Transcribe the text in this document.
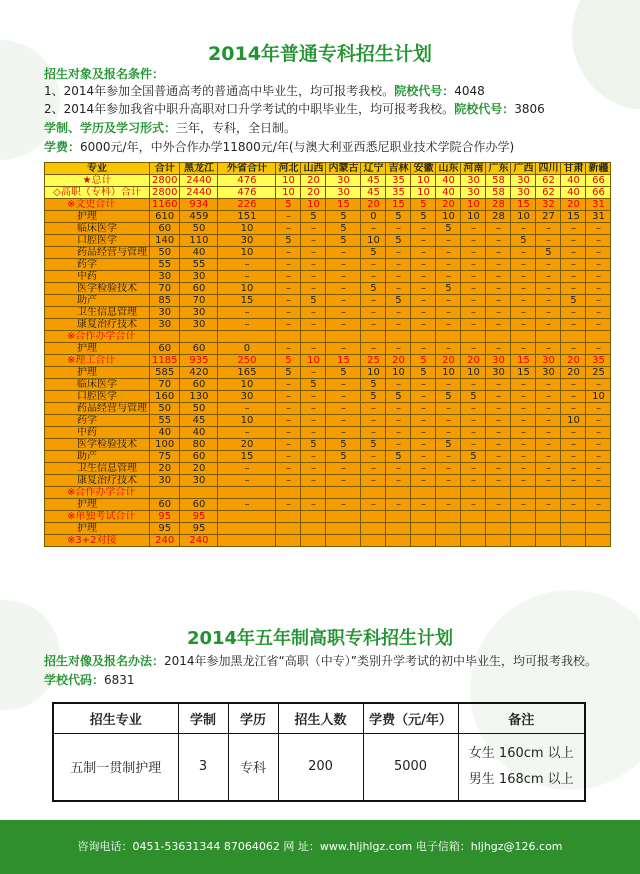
2014年普通专科招生计划
招生对象及报名条件：
1、2014年参加全国普通高考的普通高中毕业生，均可报考我校。院校代号：4048
2、2014年参加我省中职升高职对口升学考试的中职毕业生，均可报考我校。院校代号：3806
学制、学历及学习形式：三年，专科，全日制。
学费：6000元/年，中外合作办学11800元/年(与澳大利亚西悉尼职业技术学院合作办学)
专业	合计	黑龙江	外省合计	河北	山西	内蒙古	辽宁	吉林	安徽	山东	河南	广东	广西	四川	甘肃	新疆
★总计	2800	2440	476	10	20	30	45	35	10	40	30	58	30	62	40	66
◇高职（专科）合计	2800	2440	476	10	20	30	45	35	10	40	30	58	30	62	40	66
※文史合计	1160	934	226	5	10	15	20	15	5	20	10	28	15	32	20	31
护理	610	459	151	–	5	5	0	5	5	10	10	28	10	27	15	31
临床医学	60	50	10	–	–	5	–	–	–	5	–	–	–	–	–	–
口腔医学	140	110	30	5	–	5	10	5	–	–	–	–	5	–	–	–
药品经营与管理	50	40	10	–	–	–	5	–	–	–	–	–	–	5	–	–
药学	55	55	–	–	–	–	–	–	–	–	–	–	–	–	–	–
中药	30	30	–	–	–	–	–	–	–	–	–	–	–	–	–	–
医学检验技术	70	60	10	–	–	–	5	–	–	5	–	–	–	–	–	–
助产	85	70	15	–	5	–	–	5	–	–	–	–	–	–	5	–
卫生信息管理	30	30	–	–	–	–	–	–	–	–	–	–	–	–	–	–
康复治疗技术	30	30	–	–	–	–	–	–	–	–	–	–	–	–	–	–
※合作办学合计																
护理	60	60	0	–	–	–	–	–	–	–	–	–	–	–	–	–
※理工合计	1185	935	250	5	10	15	25	20	5	20	20	30	15	30	20	35
护理	585	420	165	5	–	5	10	10	5	10	10	30	15	30	20	25
临床医学	70	60	10	–	5	–	5	–	–	–	–	–	–	–	–	–
口腔医学	160	130	30	–	–	–	5	5	–	5	5	–	–	–	–	10
药品经营与管理	50	50	–	–	–	–	–	–	–	–	–	–	–	–	–	–
药学	55	45	10	–	–	–	–	–	–	–	–	–	–	–	10	–
中药	40	40	–	–	–	–	–	–	–	–	–	–	–	–	–	–
医学检验技术	100	80	20	–	5	5	5	–	–	5	–	–	–	–	–	–
助产	75	60	15	–	–	5	–	5	–	–	5	–	–	–	–	–
卫生信息管理	20	20	–	–	–	–	–	–	–	–	–	–	–	–	–	–
康复治疗技术	30	30	–	–	–	–	–	–	–	–	–	–	–	–	–	–
※合作办学合计																
护理	60	60	–	–	–	–	–	–	–	–	–	–	–	–	–	–
※单独考试合计	95	95														
护理	95	95														
※3+2对接	240	240														
2014年五年制高职专科招生计划
招生对像及报名办法：2014年参加黑龙江省“高职（中专）”类别升学考试的初中毕业生，均可报考我校。
学校代码：6831
招生专业	学制	学历	招生人数	学费（元/年）	备注
五制一贯制护理	3	专科	200	5000	女生 160cm 以上
男生 168cm 以上
咨询电话：0451-53631344 87064062 网 址：www.hljhlgz.com 电子信箱：hljhgz@126.com
